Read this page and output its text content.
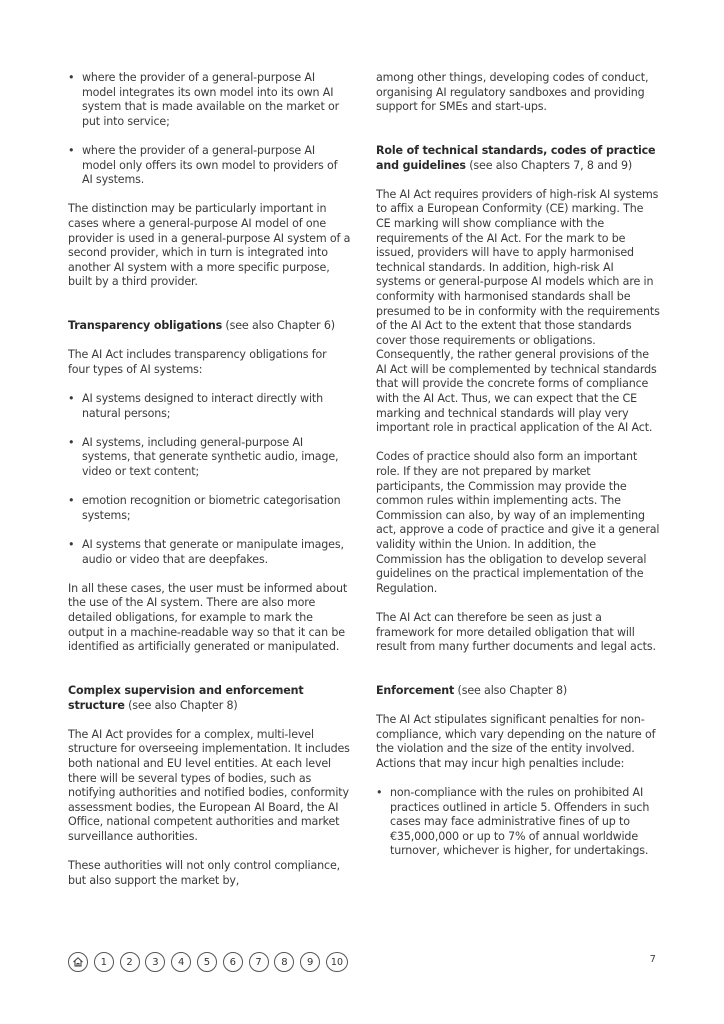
• where the provider of a general-purpose AI model integrates its own model into its own AI system that is made available on the market or put into service;
• where the provider of a general-purpose AI model only offers its own model to providers of AI systems.

The distinction may be particularly important in cases where a general-purpose AI model of one provider is used in a general-purpose AI system of a second provider, which in turn is integrated into another AI system with a more specific purpose, built by a third provider.

Transparency obligations (see also Chapter 6)

The AI Act includes transparency obligations for four types of AI systems:

• AI systems designed to interact directly with natural persons;
• AI systems, including general-purpose AI systems, that generate synthetic audio, image, video or text content;
• emotion recognition or biometric categorisation systems;
• AI systems that generate or manipulate images, audio or video that are deepfakes.

In all these cases, the user must be informed about the use of the AI system. There are also more detailed obligations, for example to mark the output in a machine-readable way so that it can be identified as artificially generated or manipulated.

Complex supervision and enforcement structure (see also Chapter 8)

The AI Act provides for a complex, multi-level structure for overseeing implementation. It includes both national and EU level entities. At each level there will be several types of bodies, such as notifying authorities and notified bodies, conformity assessment bodies, the European AI Board, the AI Office, national competent authorities and market surveillance authorities.

These authorities will not only control compliance, but also support the market by,

among other things, developing codes of conduct, organising AI regulatory sandboxes and providing support for SMEs and start-ups.

Role of technical standards, codes of practice and guidelines (see also Chapters 7, 8 and 9)

The AI Act requires providers of high-risk AI systems to affix a European Conformity (CE) marking. The CE marking will show compliance with the requirements of the AI Act. For the mark to be issued, providers will have to apply harmonised technical standards. In addition, high-risk AI systems or general-purpose AI models which are in conformity with harmonised standards shall be presumed to be in conformity with the requirements of the AI Act to the extent that those standards cover those requirements or obligations. Consequently, the rather general provisions of the AI Act will be complemented by technical standards that will provide the concrete forms of compliance with the AI Act. Thus, we can expect that the CE marking and technical standards will play very important role in practical application of the AI Act.

Codes of practice should also form an important role. If they are not prepared by market participants, the Commission may provide the common rules within implementing acts. The Commission can also, by way of an implementing act, approve a code of practice and give it a general validity within the Union. In addition, the Commission has the obligation to develop several guidelines on the practical implementation of the Regulation.

The AI Act can therefore be seen as just a framework for more detailed obligation that will result from many further documents and legal acts.

Enforcement (see also Chapter 8)

The AI Act stipulates significant penalties for non-compliance, which vary depending on the nature of the violation and the size of the entity involved. Actions that may incur high penalties include:

• non-compliance with the rules on prohibited AI practices outlined in article 5. Offenders in such cases may face administrative fines of up to €35,000,000 or up to 7% of annual worldwide turnover, whichever is higher, for undertakings.
1	2	3	4	5	6	7	8	9	10	7
